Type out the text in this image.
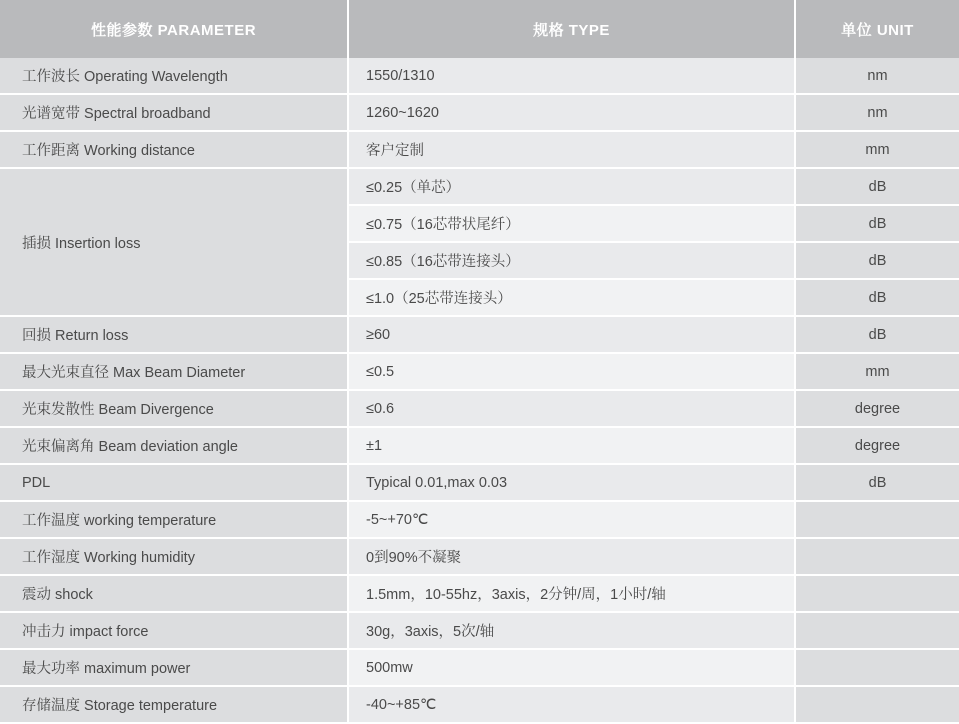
性能参数 PARAMETER	规格 TYPE	单位 UNIT
工作波长 Operating Wavelength	1550/1310	nm
光谱宽带 Spectral broadband	1260~1620	nm
工作距离 Working distance	客户定制	mm
插损 Insertion loss	≤0.25（单芯）	dB
	≤0.75（16芯带状尾纤）	dB
	≤0.85（16芯带连接头）	dB
	≤1.0（25芯带连接头）	dB
回损 Return loss	≥60	dB
最大光束直径 Max Beam Diameter	≤0.5	mm
光束发散性 Beam Divergence	≤0.6	degree
光束偏离角 Beam deviation angle	±1	degree
PDL	Typical 0.01,max 0.03	dB
工作温度 working temperature	-5~+70℃	
工作湿度 Working humidity	0到90%不凝聚	
震动 shock	1.5mm，10-55hz，3axis，2分钟/周，1小时/轴	
冲击力 impact force	30g，3axis，5次/轴	
最大功率 maximum power	500mw	
存储温度 Storage temperature	-40~+85℃	
